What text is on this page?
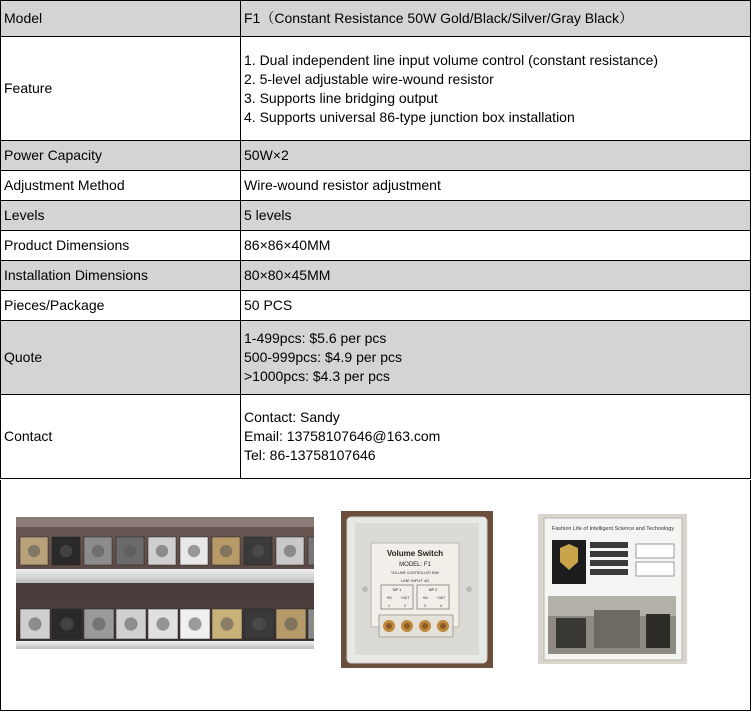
Model	F1（Constant Resistance 50W Gold/Black/Silver/Gray Black）

Feature	1. Dual independent line input volume control (constant resistance)
2. 5-level adjustable wire-wound resistor
3. Supports line bridging output
4. Supports universal 86-type junction box installation

Power Capacity	50W×2

Adjustment Method	Wire-wound resistor adjustment

Levels	5 levels

Product Dimensions	86×86×40MM

Installation Dimensions	80×80×45MM

Pieces/Package	50 PCS

Quote	1-499pcs: $5.6 per pcs
500-999pcs: $4.9 per pcs
>1000pcs: $4.3 per pcs

Contact	Contact: Sandy
Email: 13758107646@163.com
Tel: 86-13758107646
Volume Switch
MODEL: F1
VOLUME CONTROLLER 50W
LINE INPUT 4Ω
NP 1	NP 2
+IN	+OUT	+IN	+OUT
1	2	3	4
Fashion Life of Intelligent Science and Technology
